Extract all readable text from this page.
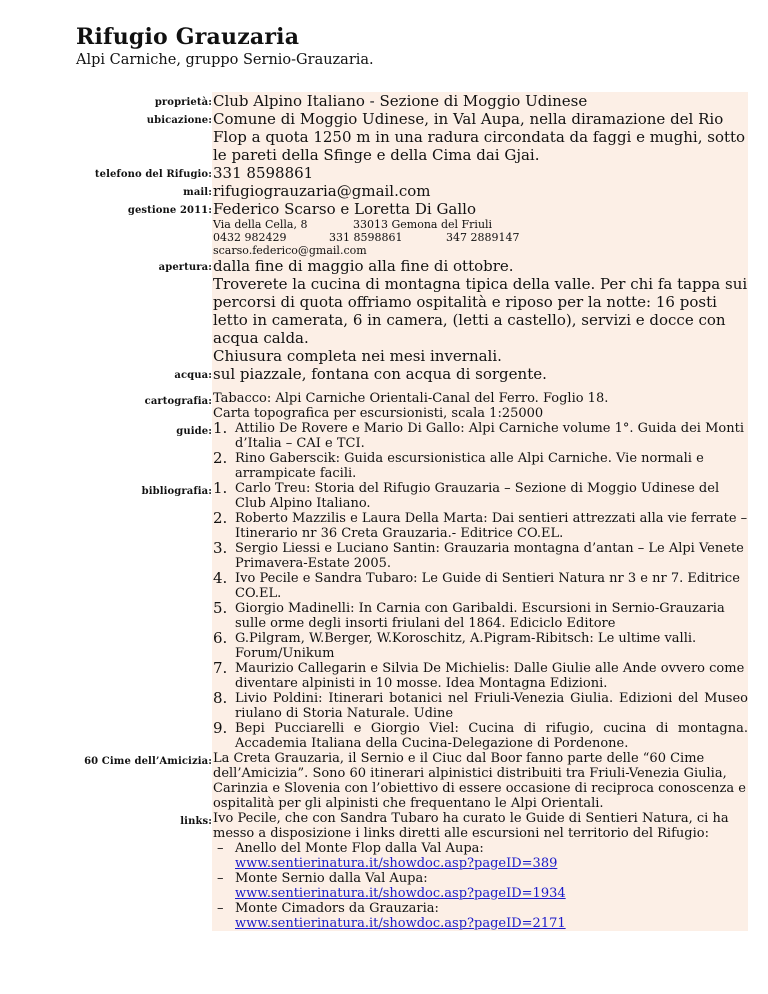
Rifugio Grauzaria
Alpi Carniche, gruppo Sernio-Grauzaria.
proprietà: Club Alpino Italiano - Sezione di Moggio Udinese
ubicazione: Comune di Moggio Udinese, in Val Aupa, nella diramazione del Rio Flop a quota 1250 m in una radura circondata da faggi e mughi, sotto le pareti della Sfinge e della Cima dai Gjai.
telefono del Rifugio: 331 8598861
mail: rifugiograuzaria@gmail.com
gestione 2011: Federico Scarso e Loretta Di Gallo
Via della Cella, 8	33013 Gemona del Friuli
0432 982429	331 8598861	347 2889147
scarso.federico@gmail.com
apertura: dalla fine di maggio alla fine di ottobre.
Troverete la cucina di montagna tipica della valle. Per chi fa tappa sui percorsi di quota offriamo ospitalità e riposo per la notte: 16 posti letto in camerata, 6 in camera, (letti a castello), servizi e docce con acqua calda.
Chiusura completa nei mesi invernali.
acqua: sul piazzale, fontana con acqua di sorgente.
cartografia: Tabacco: Alpi Carniche Orientali-Canal del Ferro. Foglio 18.
Carta topografica per escursionisti, scala 1:25000
guide:	Attilio De Rovere e Mario Di Gallo: Alpi Carniche volume 1°. Guida dei Monti d’Italia – CAI e TCI.
Rino Gaberscik: Guida escursionistica alle Alpi Carniche. Vie normali e arrampicate facili.
bibliografia:	Carlo Treu: Storia del Rifugio Grauzaria – Sezione di Moggio Udinese del Club Alpino Italiano.
Roberto Mazzilis e Laura Della Marta: Dai sentieri attrezzati alla vie ferrate – Itinerario nr 36 Creta Grauzaria.- Editrice CO.EL.
Sergio Liessi e Luciano Santin: Grauzaria montagna d’antan – Le Alpi Venete Primavera-Estate 2005.
Ivo Pecile e Sandra Tubaro: Le Guide di Sentieri Natura nr 3 e nr 7. Editrice CO.EL.
Giorgio Madinelli: In Carnia con Garibaldi. Escursioni in Sernio-Grauzaria sulle orme degli insorti friulani del 1864. Ediciclo Editore
G.Pilgram, W.Berger, W.Koroschitz, A.Pigram-Ribitsch: Le ultime valli. Forum/Unikum
Maurizio Callegarin e Silvia De Michielis: Dalle Giulie alle Ande ovvero come diventare alpinisti in 10 mosse. Idea Montagna Edizioni.
Livio Poldini: Itinerari botanici nel Friuli-Venezia Giulia. Edizioni del Museo riulano di Storia Naturale. Udine
Bepi Pucciarelli e Giorgio Viel: Cucina di rifugio, cucina di montagna. Accademia Italiana della Cucina-Delegazione di Pordenone.
60 Cime dell’Amicizia: La Creta Grauzaria, il Sernio e il Ciuc dal Boor fanno parte delle “60 Cime dell’Amicizia”. Sono 60 itinerari alpinistici distribuiti tra Friuli-Venezia Giulia, Carinzia e Slovenia con l’obiettivo di essere occasione di reciproca conoscenza e ospitalità per gli alpinisti che frequentano le Alpi Orientali.
links: Ivo Pecile, che con Sandra Tubaro ha curato le Guide di Sentieri Natura, ci ha messo a disposizione i links diretti alle escursioni nel territorio del Rifugio:
– Anello del Monte Flop dalla Val Aupa:
www.sentierinatura.it/showdoc.asp?pageID=389
– Monte Sernio dalla Val Aupa:
www.sentierinatura.it/showdoc.asp?pageID=1934
– Monte Cimadors da Grauzaria:
www.sentierinatura.it/showdoc.asp?pageID=2171
